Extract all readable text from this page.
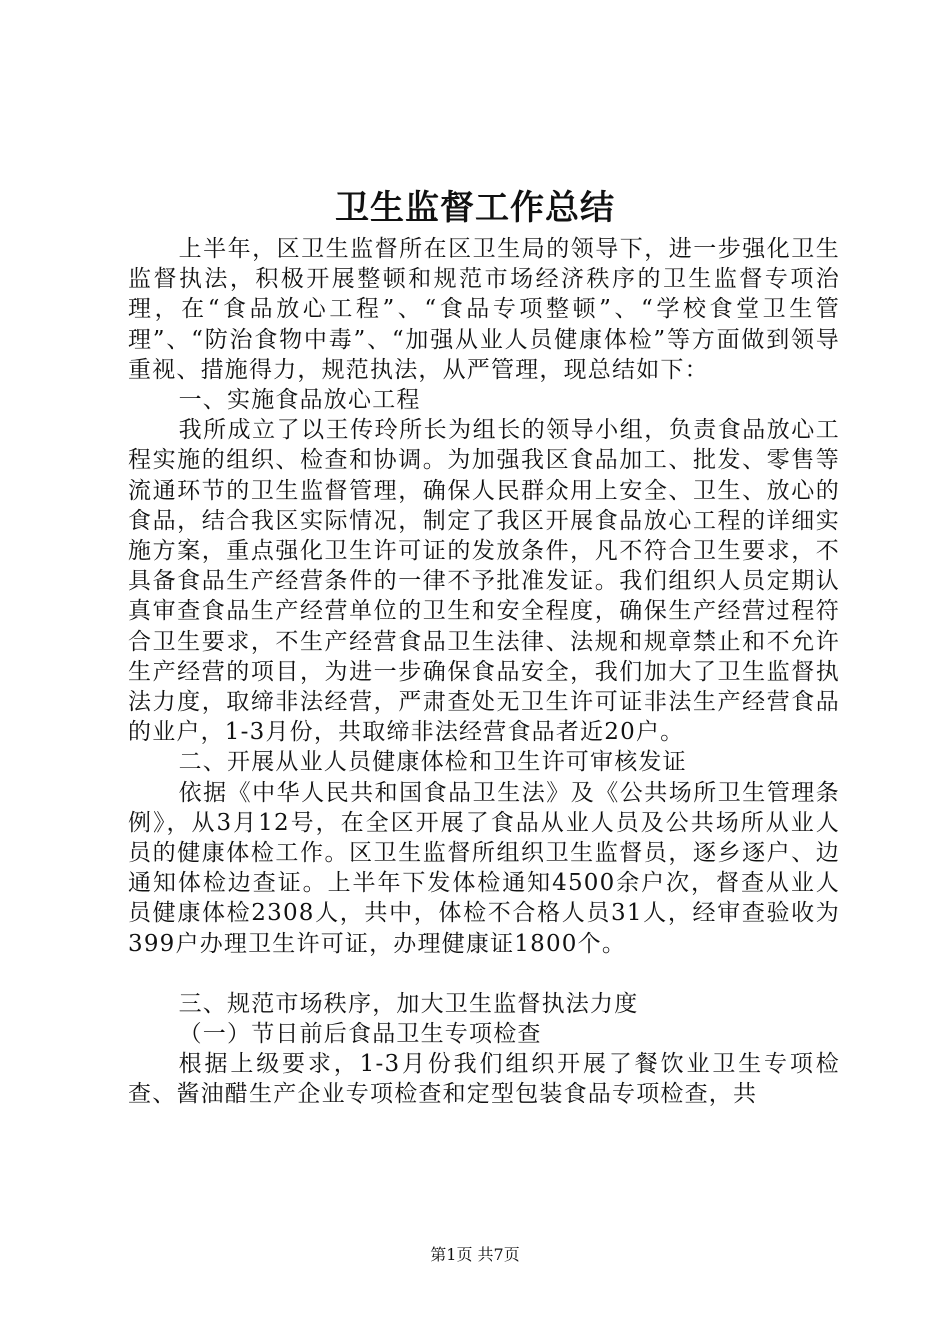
卫生监督工作总结

上半年，区卫生监督所在区卫生局的领导下，进一步强化卫生监督执法，积极开展整顿和规范市场经济秩序的卫生监督专项治理，在“食品放心工程”、“食品专项整顿”、“学校食堂卫生管理”、“防治食物中毒”、“加强从业人员健康体检”等方面做到领导重视、措施得力，规范执法，从严管理，现总结如下：

一、实施食品放心工程

我所成立了以王传玲所长为组长的领导小组，负责食品放心工程实施的组织、检查和协调。为加强我区食品加工、批发、零售等流通环节的卫生监督管理，确保人民群众用上安全、卫生、放心的食品，结合我区实际情况，制定了我区开展食品放心工程的详细实施方案，重点强化卫生许可证的发放条件，凡不符合卫生要求，不具备食品生产经营条件的一律不予批准发证。我们组织人员定期认真审查食品生产经营单位的卫生和安全程度，确保生产经营过程符合卫生要求，不生产经营食品卫生法律、法规和规章禁止和不允许生产经营的项目，为进一步确保食品安全，我们加大了卫生监督执法力度，取缔非法经营，严肃查处无卫生许可证非法生产经营食品的业户，1-3月份，共取缔非法经营食品者近20户。

二、开展从业人员健康体检和卫生许可审核发证

依据《中华人民共和国食品卫生法》及《公共场所卫生管理条例》，从3月12号，在全区开展了食品从业人员及公共场所从业人员的健康体检工作。区卫生监督所组织卫生监督员，逐乡逐户、边通知体检边查证。上半年下发体检通知4500余户次，督查从业人员健康体检2308人，共中，体检不合格人员31人，经审查验收为399户办理卫生许可证，办理健康证1800个。

三、规范市场秩序，加大卫生监督执法力度

（一）节日前后食品卫生专项检查

根据上级要求，1-3月份我们组织开展了餐饮业卫生专项检查、酱油醋生产企业专项检查和定型包装食品专项检查，共

第1页 共7页
